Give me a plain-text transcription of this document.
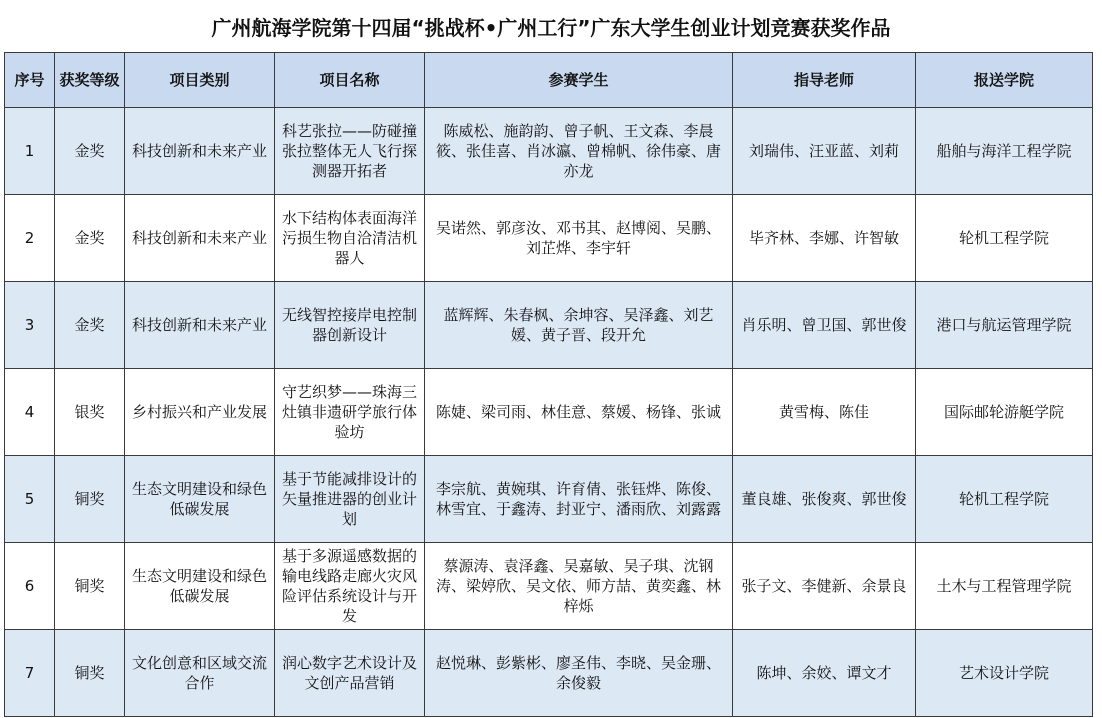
广州航海学院第十四届“挑战杯•广州工行”广东大学生创业计划竞赛获奖作品
序号	获奖等级	项目类别	项目名称	参赛学生	指导老师	报送学院
1	金奖	科技创新和未来产业	科艺张拉——防碰撞张拉整体无人飞行探测器开拓者	陈威松、施韵韵、曾子帆、王文森、李晨筱、张佳喜、肖冰瀛、曾棉帆、徐伟豪、唐亦龙	刘瑞伟、汪亚蓝、刘莉	船舶与海洋工程学院
2	金奖	科技创新和未来产业	水下结构体表面海洋污损生物自洽清洁机器人	吴诺然、郭彦汝、邓书其、赵博阅、吴鹏、刘芷烨、李宇轩	毕齐林、李娜、许智敏	轮机工程学院
3	金奖	科技创新和未来产业	无线智控接岸电控制器创新设计	蓝辉辉、朱春枫、余坤容、吴泽鑫、刘艺媛、黄子晋、段开允	肖乐明、曾卫国、郭世俊	港口与航运管理学院
4	银奖	乡村振兴和产业发展	守艺织梦——珠海三灶镇非遗研学旅行体验坊	陈婕、梁司雨、林佳意、蔡媛、杨锋、张诚	黄雪梅、陈佳	国际邮轮游艇学院
5	铜奖	生态文明建设和绿色低碳发展	基于节能减排设计的矢量推进器的创业计划	李宗航、黄婉琪、许育倩、张钰烨、陈俊、林雪宜、于鑫涛、封亚宁、潘雨欣、刘露露	董良雄、张俊爽、郭世俊	轮机工程学院
6	铜奖	生态文明建设和绿色低碳发展	基于多源遥感数据的输电线路走廊火灾风险评估系统设计与开发	蔡源涛、袁泽鑫、吴嘉敏、吴子琪、沈钢涛、梁婷欣、吴文依、师方喆、黄奕鑫、林梓烁	张子文、李健新、余景良	土木与工程管理学院
7	铜奖	文化创意和区域交流合作	润心数字艺术设计及文创产品营销	赵悦琳、彭紫彬、廖圣伟、李晓、吴金珊、余俊毅	陈坤、余姣、谭文才	艺术设计学院
